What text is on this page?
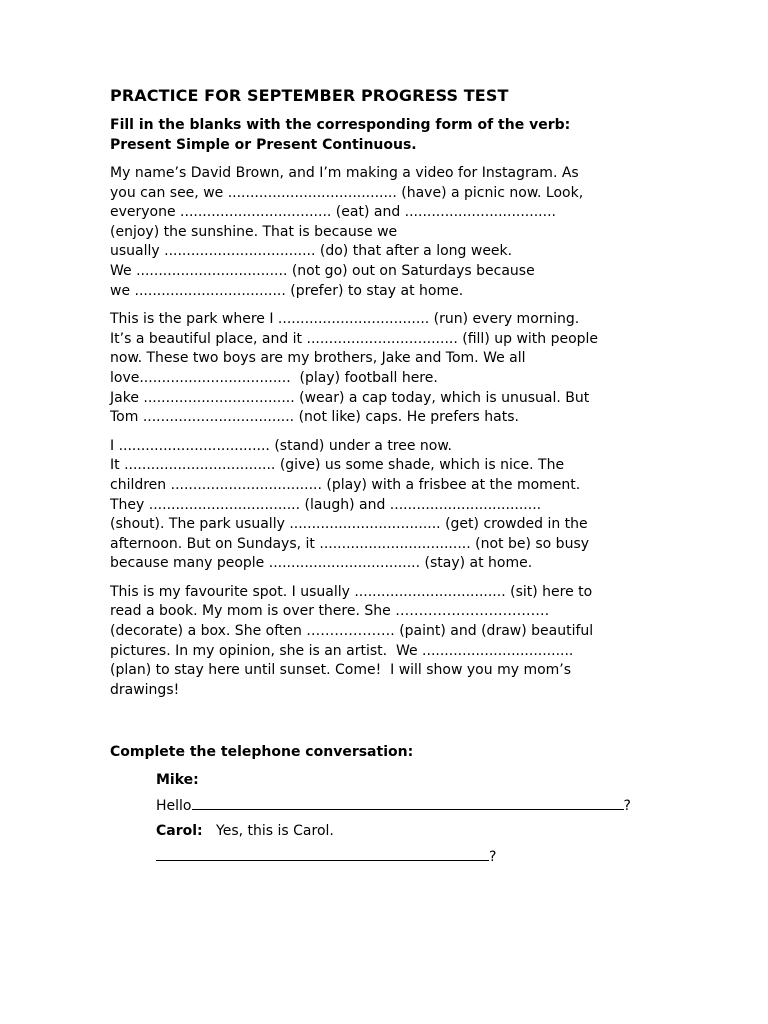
PRACTICE FOR SEPTEMBER PROGRESS TEST
Fill in the blanks with the corresponding form of the verb:
Present Simple or Present Continuous.
My name’s David Brown, and I’m making a video for Instagram. As
you can see, we ...................................... (have) a picnic now. Look,
everyone .................................. (eat) and ..................................
(enjoy) the sunshine. That is because we
usually .................................. (do) that after a long week.
We .................................. (not go) out on Saturdays because
we .................................. (prefer) to stay at home.
This is the park where I .................................. (run) every morning.
It’s a beautiful place, and it .................................. (fill) up with people
now. These two boys are my brothers, Jake and Tom. We all
love..................................  (play) football here.
Jake .................................. (wear) a cap today, which is unusual. But
Tom .................................. (not like) caps. He prefers hats.
I .................................. (stand) under a tree now.
It .................................. (give) us some shade, which is nice. The
children .................................. (play) with a frisbee at the moment.
They .................................. (laugh) and ..................................
(shout). The park usually .................................. (get) crowded in the
afternoon. But on Sundays, it .................................. (not be) so busy
because many people .................................. (stay) at home.
This is my favourite spot. I usually .................................. (sit) here to
read a book. My mom is over there. She ……………………………
(decorate) a box. She often ………………. (paint) and (draw) beautiful
pictures. In my opinion, she is an artist.  We ..................................
(plan) to stay here until sunset. Come!  I will show you my mom’s
drawings!
Complete the telephone conversation:
Mike:
Hello	?
Carol:   Yes, this is Carol.
?
